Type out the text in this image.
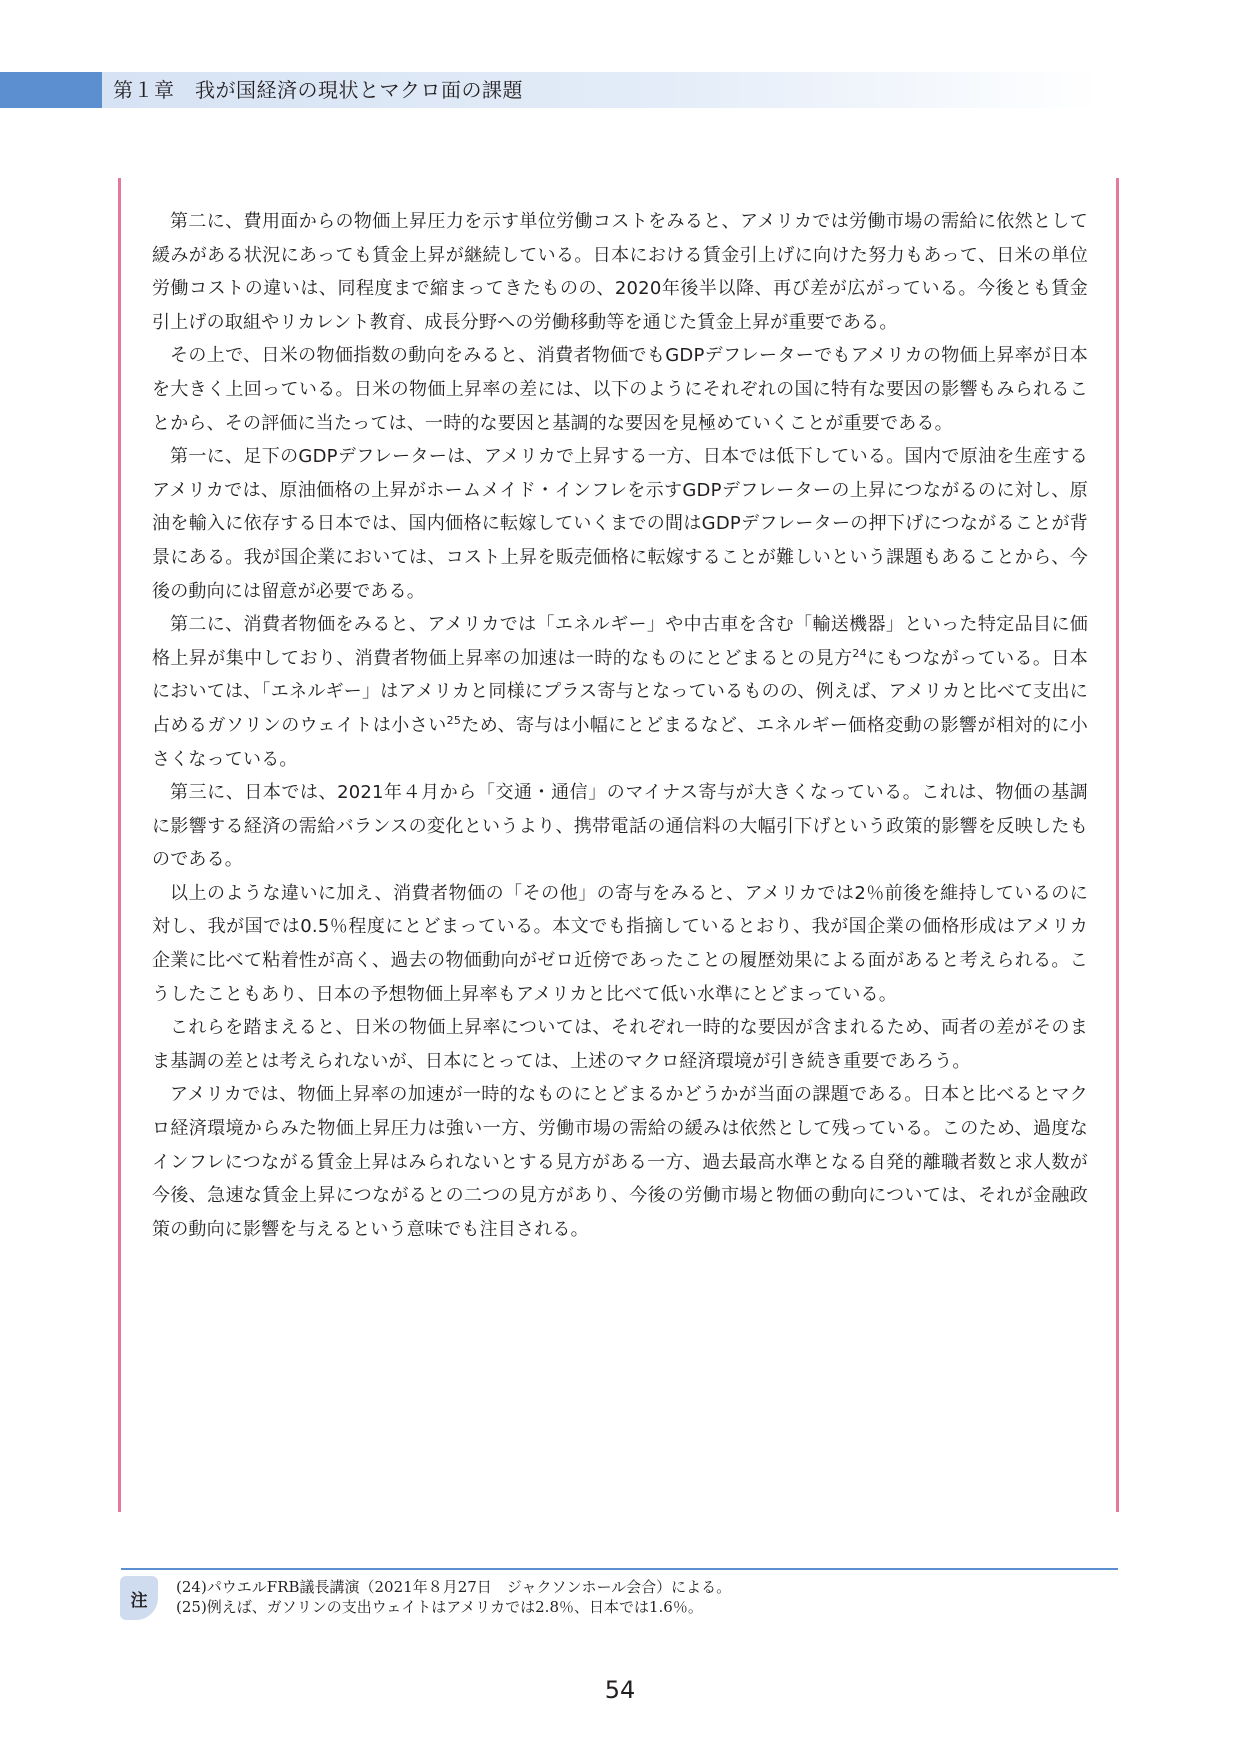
第１章　我が国経済の現状とマクロ面の課題

第二に、費用面からの物価上昇圧力を示す単位労働コストをみると、アメリカでは労働市場の需給に依然として緩みがある状況にあっても賃金上昇が継続している。日本における賃金引上げに向けた努力もあって、日米の単位労働コストの違いは、同程度まで縮まってきたものの、2020年後半以降、再び差が広がっている。今後とも賃金引上げの取組やリカレント教育、成長分野への労働移動等を通じた賃金上昇が重要である。

その上で、日米の物価指数の動向をみると、消費者物価でもGDPデフレーターでもアメリカの物価上昇率が日本を大きく上回っている。日米の物価上昇率の差には、以下のようにそれぞれの国に特有な要因の影響もみられることから、その評価に当たっては、一時的な要因と基調的な要因を見極めていくことが重要である。

第一に、足下のGDPデフレーターは、アメリカで上昇する一方、日本では低下している。国内で原油を生産するアメリカでは、原油価格の上昇がホームメイド・インフレを示すGDPデフレーターの上昇につながるのに対し、原油を輸入に依存する日本では、国内価格に転嫁していくまでの間はGDPデフレーターの押下げにつながることが背景にある。我が国企業においては、コスト上昇を販売価格に転嫁することが難しいという課題もあることから、今後の動向には留意が必要である。

第二に、消費者物価をみると、アメリカでは「エネルギー」や中古車を含む「輸送機器」といった特定品目に価格上昇が集中しており、消費者物価上昇率の加速は一時的なものにとどまるとの見方$^{24}$にもつながっている。日本においては、「エネルギー」はアメリカと同様にプラス寄与となっているものの、例えば、アメリカと比べて支出に占めるガソリンのウェイトは小さい$^{25}$ため、寄与は小幅にとどまるなど、エネルギー価格変動の影響が相対的に小さくなっている。

第三に、日本では、2021年４月から「交通・通信」のマイナス寄与が大きくなっている。これは、物価の基調に影響する経済の需給バランスの変化というより、携帯電話の通信料の大幅引下げという政策的影響を反映したものである。

以上のような違いに加え、消費者物価の「その他」の寄与をみると、アメリカでは2％前後を維持しているのに対し、我が国では0.5％程度にとどまっている。本文でも指摘しているとおり、我が国企業の価格形成はアメリカ企業に比べて粘着性が高く、過去の物価動向がゼロ近傍であったことの履歴効果による面があると考えられる。こうしたこともあり、日本の予想物価上昇率もアメリカと比べて低い水準にとどまっている。

これらを踏まえると、日米の物価上昇率については、それぞれ一時的な要因が含まれるため、両者の差がそのまま基調の差とは考えられないが、日本にとっては、上述のマクロ経済環境が引き続き重要であろう。

アメリカでは、物価上昇率の加速が一時的なものにとどまるかどうかが当面の課題である。日本と比べるとマクロ経済環境からみた物価上昇圧力は強い一方、労働市場の需給の緩みは依然として残っている。このため、過度なインフレにつながる賃金上昇はみられないとする見方がある一方、過去最高水準となる自発的離職者数と求人数が今後、急速な賃金上昇につながるとの二つの見方があり、今後の労働市場と物価の動向については、それが金融政策の動向に影響を与えるという意味でも注目される。

注

(24)パウエルFRB議長講演（2021年８月27日　ジャクソンホール会合）による。

(25)例えば、ガソリンの支出ウェイトはアメリカでは2.8％、日本では1.6％。

54
